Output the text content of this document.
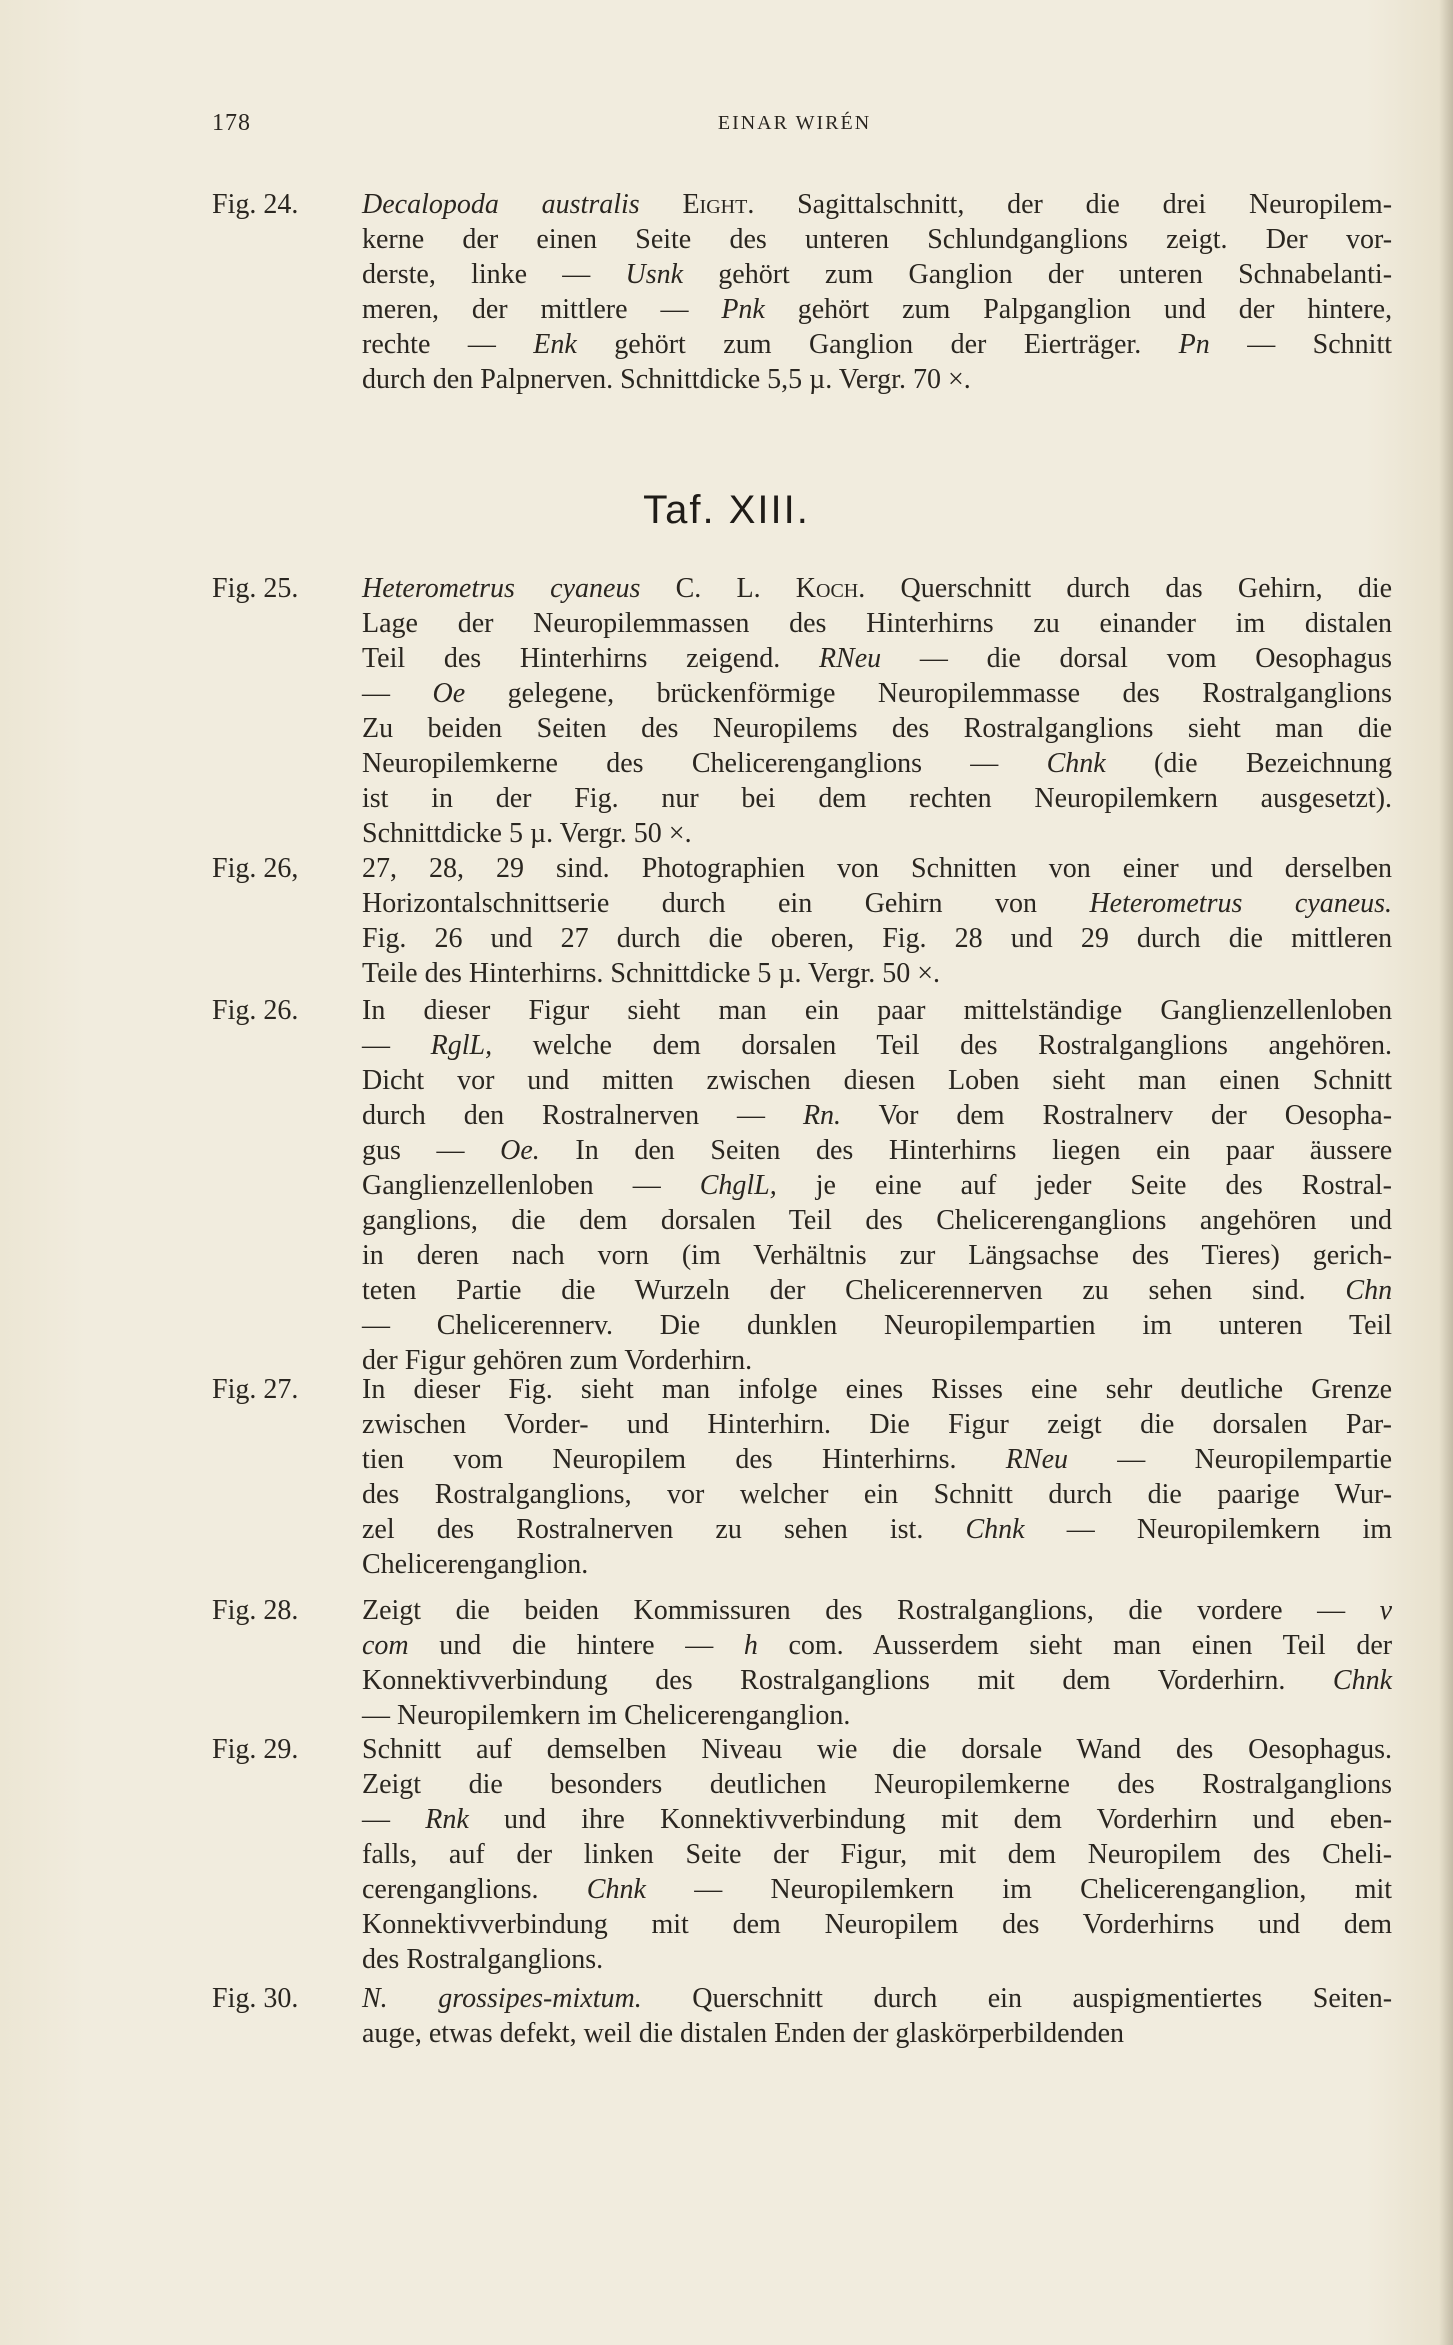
178	EINAR WIRÉN
Fig. 24.	Decalopoda australis Eight. Sagittalschnitt, der die drei Neuropilem-
kerne der einen Seite des unteren Schlundganglions zeigt. Der vor-
derste, linke — Usnk gehört zum Ganglion der unteren Schnabelanti-
meren, der mittlere — Pnk gehört zum Palpganglion und der hintere,
rechte — Enk gehört zum Ganglion der Eierträger. Pn — Schnitt
durch den Palpnerven. Schnittdicke 5,5 µ. Vergr. 70 ×.
Fig. 25.	Heterometrus cyaneus C. L. Koch. Querschnitt durch das Gehirn, die
Lage der Neuropilemmassen des Hinterhirns zu einander im distalen
Teil des Hinterhirns zeigend. RNeu — die dorsal vom Oesophagus
— Oe gelegene, brückenförmige Neuropilemmasse des Rostralganglions
Zu beiden Seiten des Neuropilems des Rostralganglions sieht man die
Neuropilemkerne des Chelicerenganglions — Chnk (die Bezeichnung
ist in der Fig. nur bei dem rechten Neuropilemkern ausgesetzt).
Schnittdicke 5 µ. Vergr. 50 ×.
Fig. 26,	27, 28, 29 sind. Photographien von Schnitten von einer und derselben
Horizontalschnittserie durch ein Gehirn von Heterometrus cyaneus.
Fig. 26 und 27 durch die oberen, Fig. 28 und 29 durch die mittleren
Teile des Hinterhirns. Schnittdicke 5 µ. Vergr. 50 ×.
Fig. 26.	In dieser Figur sieht man ein paar mittelständige Ganglienzellenloben
— RglL, welche dem dorsalen Teil des Rostralganglions angehören.
Dicht vor und mitten zwischen diesen Loben sieht man einen Schnitt
durch den Rostralnerven — Rn. Vor dem Rostralnerv der Oesopha-
gus — Oe. In den Seiten des Hinterhirns liegen ein paar äussere
Ganglienzellenloben — ChglL, je eine auf jeder Seite des Rostral-
ganglions, die dem dorsalen Teil des Chelicerenganglions angehören und
in deren nach vorn (im Verhältnis zur Längsachse des Tieres) gerich-
teten Partie die Wurzeln der Chelicerennerven zu sehen sind. Chn
— Chelicerennerv. Die dunklen Neuropilempartien im unteren Teil
der Figur gehören zum Vorderhirn.
Fig. 27.	In dieser Fig. sieht man infolge eines Risses eine sehr deutliche Grenze
zwischen Vorder- und Hinterhirn. Die Figur zeigt die dorsalen Par-
tien vom Neuropilem des Hinterhirns. RNeu — Neuropilempartie
des Rostralganglions, vor welcher ein Schnitt durch die paarige Wur-
zel des Rostralnerven zu sehen ist. Chnk — Neuropilemkern im
Chelicerenganglion.
Fig. 28.	Zeigt die beiden Kommissuren des Rostralganglions, die vordere — v
com und die hintere — h com. Ausserdem sieht man einen Teil der
Konnektivverbindung des Rostralganglions mit dem Vorderhirn. Chnk
— Neuropilemkern im Chelicerenganglion.
Fig. 29.	Schnitt auf demselben Niveau wie die dorsale Wand des Oesophagus.
Zeigt die besonders deutlichen Neuropilemkerne des Rostralganglions
— Rnk und ihre Konnektivverbindung mit dem Vorderhirn und eben-
falls, auf der linken Seite der Figur, mit dem Neuropilem des Cheli-
cerenganglions. Chnk — Neuropilemkern im Chelicerenganglion, mit
Konnektivverbindung mit dem Neuropilem des Vorderhirns und dem
des Rostralganglions.
Fig. 30.	N. grossipes-mixtum. Querschnitt durch ein auspigmentiertes Seiten-
auge, etwas defekt, weil die distalen Enden der glaskörperbildenden
Taf. XIII.
